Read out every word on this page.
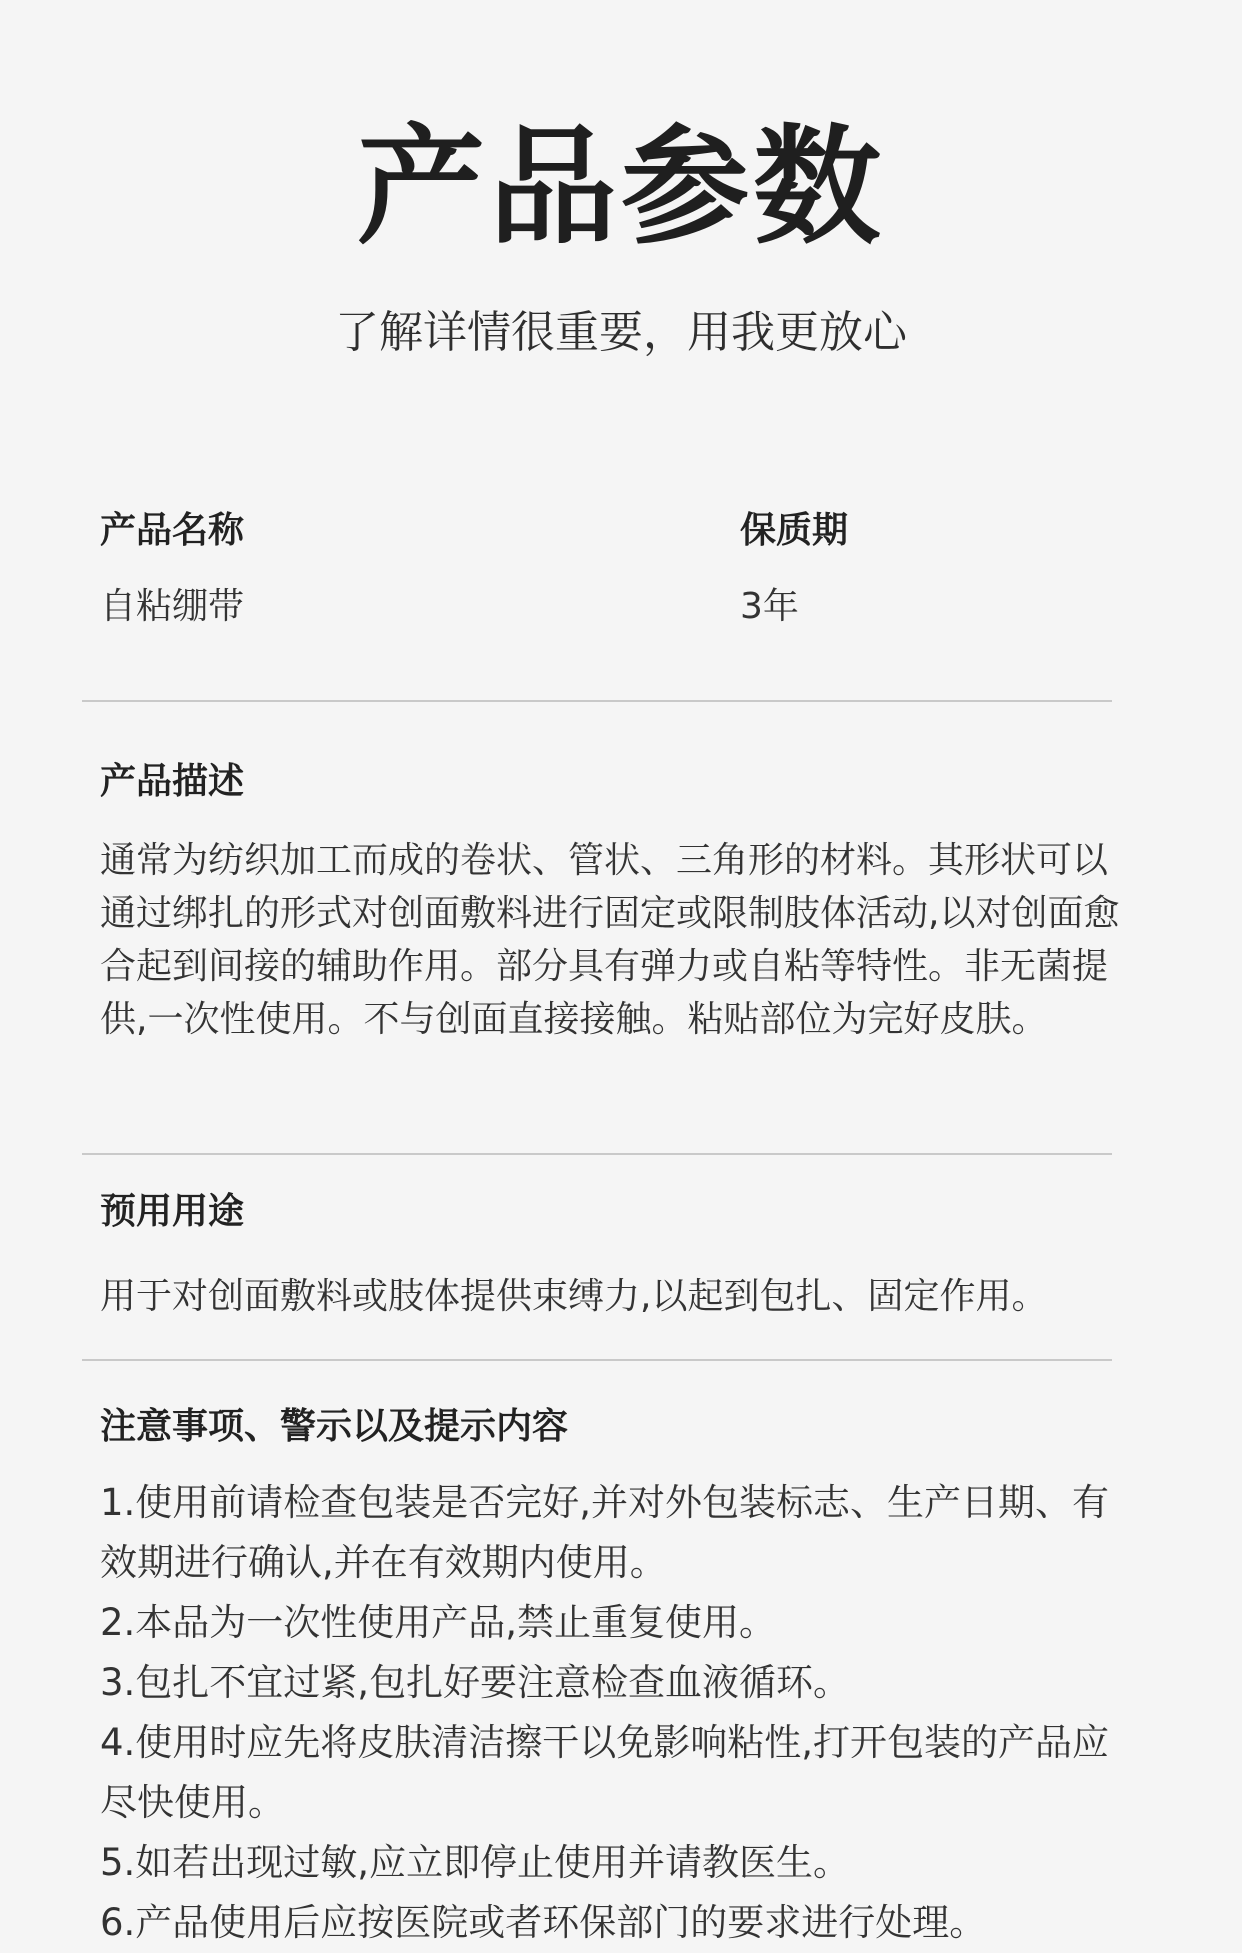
产品参数
了解详情很重要，用我更放心
产品名称
自粘绷带
保质期
3年
产品描述
通常为纺织加工而成的卷状、管状、三角形的材料。其形状可以通过绑扎的形式对创面敷料进行固定或限制肢体活动,以对创面愈合起到间接的辅助作用。部分具有弹力或自粘等特性。非无菌提供,一次性使用。不与创面直接接触。粘贴部位为完好皮肤。
预用用途
用于对创面敷料或肢体提供束缚力,以起到包扎、固定作用。
注意事项、警示以及提示内容
1.使用前请检查包装是否完好,并对外包装标志、生产日期、有效期进行确认,并在有效期内使用。
2.本品为一次性使用产品,禁止重复使用。
3.包扎不宜过紧,包扎好要注意检查血液循环。
4.使用时应先将皮肤清洁擦干以免影响粘性,打开包装的产品应尽快使用。
5.如若出现过敏,应立即停止使用并请教医生。
6.产品使用后应按医院或者环保部门的要求进行处理。
